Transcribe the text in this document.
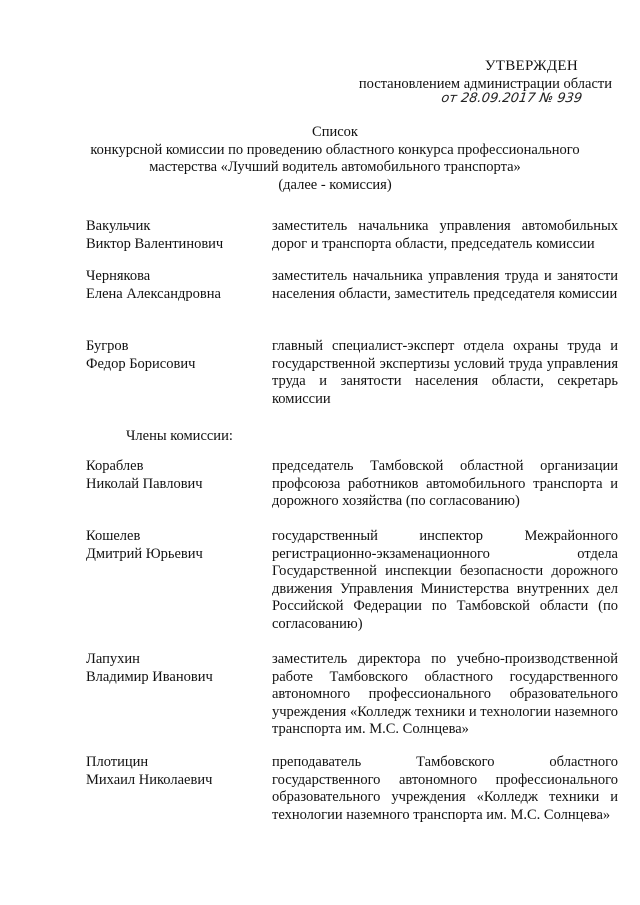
УТВЕРЖДЕН
постановлением администрации области
от 28.09.2017 № 939
Список
конкурсной комиссии по проведению областного конкурса профессионального
мастерства «Лучший водитель автомобильного транспорта»
(далее - комиссия)
Вакульчик
Виктор Валентинович
заместитель начальника управления автомобильных дорог и транспорта области, председатель комиссии
Чернякова
Елена Александровна
заместитель начальника управления труда и занятости населения области, заместитель председателя комиссии
Бугров
Федор Борисович
главный специалист-эксперт отдела охраны труда и государственной экспертизы условий труда управления труда и занятости населения области, секретарь комиссии
Члены комиссии:
Кораблев
Николай Павлович
председатель Тамбовской областной организации профсоюза работников автомобильного транспорта и дорожного хозяйства (по согласованию)
Кошелев
Дмитрий Юрьевич
государственный инспектор Межрайонного регистрационно-экзаменационного отдела Государственной инспекции безопасности дорожного движения Управления Министерства внутренних дел Российской Федерации по Тамбовской области (по согласованию)
Лапухин
Владимир Иванович
заместитель директора по учебно-производственной работе Тамбовского областного государственного автономного профессионального образовательного учреждения «Колледж техники и технологии наземного транспорта им. М.С. Солнцева»
Плотицин
Михаил Николаевич
преподаватель Тамбовского областного государственного автономного профессионального образовательного учреждения «Колледж техники и технологии наземного транспорта им. М.С. Солнцева»
